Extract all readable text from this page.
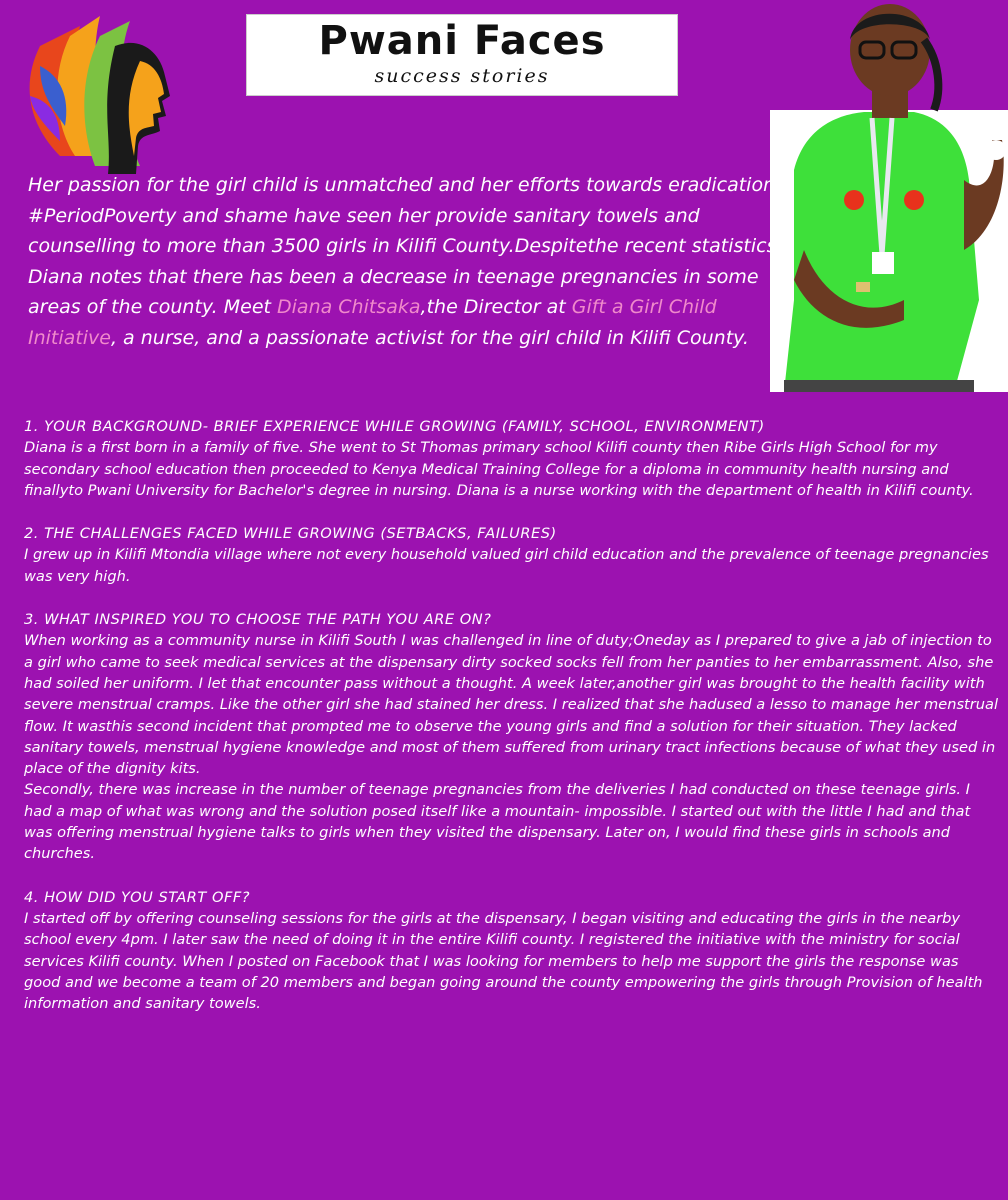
Pwani Faces
success stories

Her passion for the girl child is unmatched and her efforts towards eradication #PeriodPoverty and shame have seen her provide sanitary towels and counselling to more than 3500 girls in Kilifi County.Despitethe recent statistics, Diana notes that there has been a decrease in teenage pregnancies in some areas of the county. Meet Diana Chitsaka,the Director at Gift a Girl Child Initiative, a nurse, and a passionate activist for the girl child in Kilifi County.

1. YOUR BACKGROUND- BRIEF EXPERIENCE WHILE GROWING (FAMILY, SCHOOL, ENVIRONMENT)

Diana is a first born in a family of five. She went to St Thomas primary school Kilifi county then Ribe Girls High School for my secondary school education then proceeded to Kenya Medical Training College for a diploma in community health nursing and finallyto Pwani University for Bachelor's degree in nursing. Diana is a nurse working with the department of health in Kilifi county.

2. THE CHALLENGES FACED WHILE GROWING (SETBACKS, FAILURES)

I grew up in Kilifi Mtondia village where not every household valued girl child education and the prevalence of teenage pregnancies was very high.

3. WHAT INSPIRED YOU TO CHOOSE THE PATH YOU ARE ON?

When working as a community nurse in Kilifi South I was challenged in line of duty;Oneday as I prepared to give a jab of injection to a girl who came to seek medical services at the dispensary dirty socked socks fell from her panties to her embarrassment. Also, she had soiled her uniform. I let that encounter pass without a thought. A week later,another girl was brought to the health facility with severe menstrual cramps. Like the other girl she had stained her dress. I realized that she hadused a lesso to manage her menstrual flow. It wasthis second incident that prompted me to observe the young girls and find a solution for their situation. They lacked sanitary towels, menstrual hygiene knowledge and most of them suffered from urinary tract infections because of what they used in place of the dignity kits.

Secondly, there was increase in the number of teenage pregnancies from the deliveries I had conducted on these teenage girls. I had a map of what was wrong and the solution posed itself like a mountain- impossible. I started out with the little I had and that was offering menstrual hygiene talks to girls when they visited the dispensary. Later on, I would find these girls in schools and churches.

4. HOW DID YOU START OFF?

I started off by offering counseling sessions for the girls at the dispensary, I began visiting and educating the girls in the nearby school every 4pm. I later saw the need of doing it in the entire Kilifi county. I registered the initiative with the ministry for social services Kilifi county. When I posted on Facebook that I was looking for members to help me support the girls the response was good and we become a team of 20 members and began going around the county empowering the girls through Provision of health information and sanitary towels.
